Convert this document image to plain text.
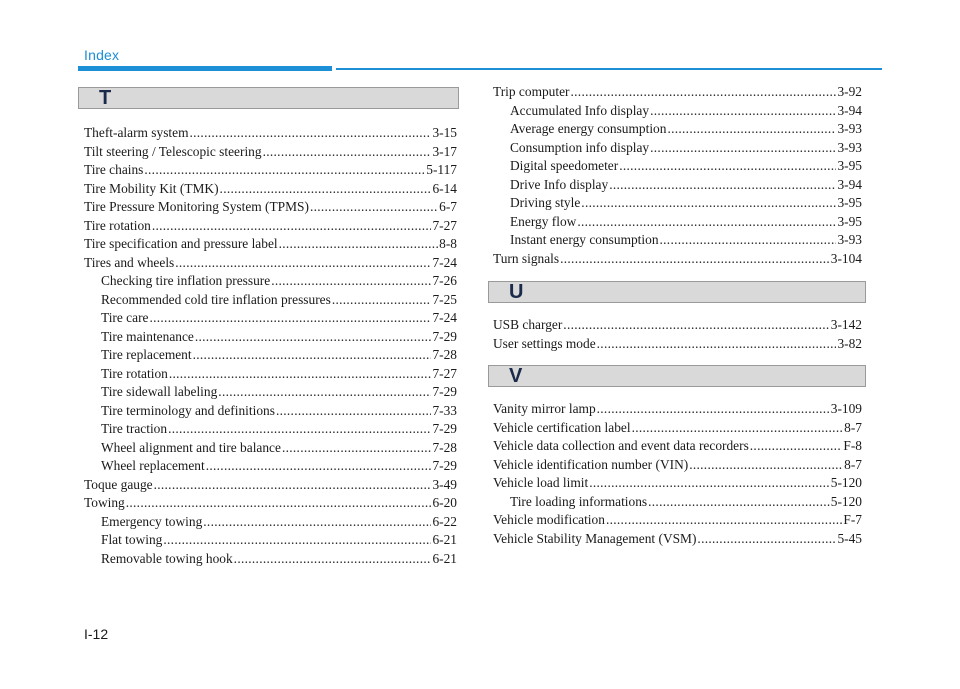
Index
T
Theft-alarm system .....	3-15
Tilt steering / Telescopic steering .....	3-17
Tire chains .....	5-117
Tire Mobility Kit (TMK) .....	6-14
Tire Pressure Monitoring System (TPMS) .....	6-7
Tire rotation .....	7-27
Tire specification and pressure label .....	8-8
Tires and wheels .....	7-24
Checking tire inflation pressure .....	7-26
Recommended cold tire inflation pressures .....	7-25
Tire care .....	7-24
Tire maintenance .....	7-29
Tire replacement .....	7-28
Tire rotation .....	7-27
Tire sidewall labeling .....	7-29
Tire terminology and definitions .....	7-33
Tire traction .....	7-29
Wheel alignment and tire balance .....	7-28
Wheel replacement .....	7-29
Toque gauge .....	3-49
Towing .....	6-20
Emergency towing .....	6-22
Flat towing .....	6-21
Removable towing hook .....	6-21
Trip computer .....	3-92
Accumulated Info display .....	3-94
Average energy consumption .....	3-93
Consumption info display .....	3-93
Digital speedometer .....	3-95
Drive Info display .....	3-94
Driving style .....	3-95
Energy flow .....	3-95
Instant energy consumption .....	3-93
Turn signals .....	3-104
U
USB charger .....	3-142
User settings mode .....	3-82
V
Vanity mirror lamp .....	3-109
Vehicle certification label .....	8-7
Vehicle data collection and event data recorders .....	F-8
Vehicle identification number (VIN) .....	8-7
Vehicle load limit .....	5-120
Tire loading informations .....	5-120
Vehicle modification .....	F-7
Vehicle Stability Management (VSM) .....	5-45
I-12
